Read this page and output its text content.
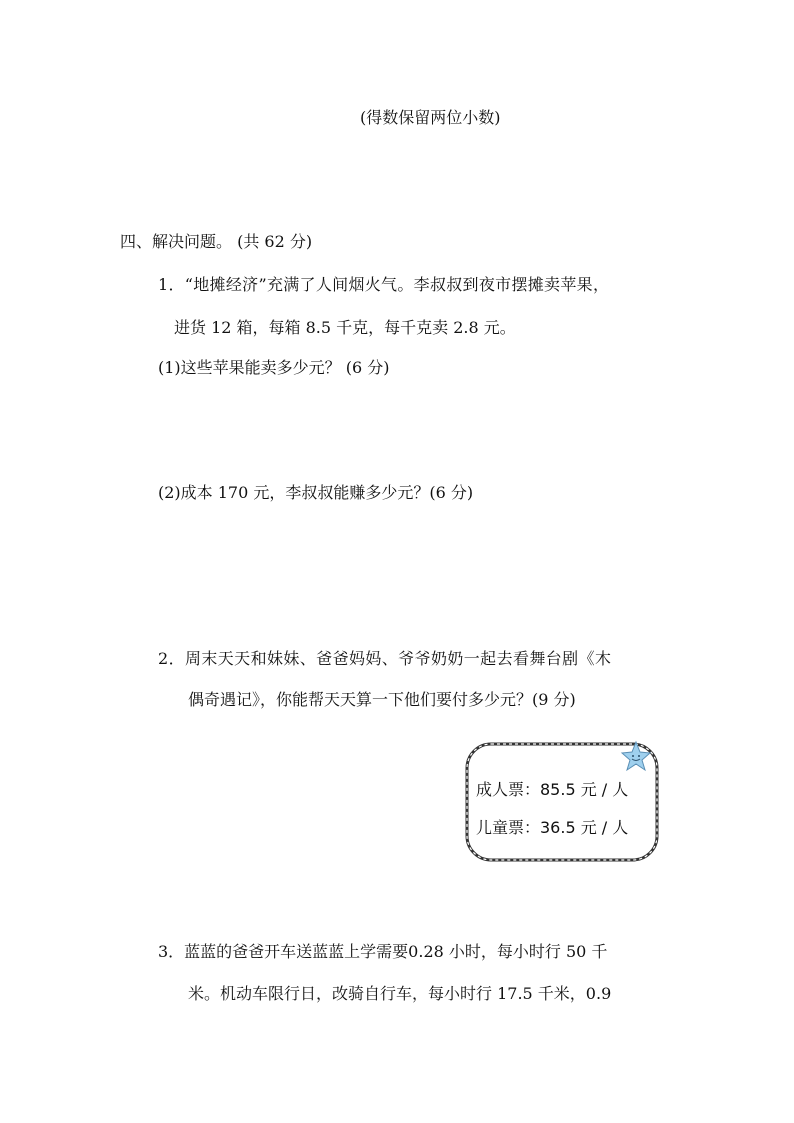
(得数保留两位小数)
四、解决问题。 (共 62 分)
1．“地摊经济”充满了人间烟火气。李叔叔到夜市摆摊卖苹果，
进货 12 箱，每箱 8.5 千克，每千克卖 2.8 元。
(1)这些苹果能卖多少元？ (6 分)
(2)成本 170 元，李叔叔能赚多少元？(6 分)
2．周末天天和妹妹、爸爸妈妈、爷爷奶奶一起去看舞台剧《木
偶奇遇记》，你能帮天天算一下他们要付多少元？(9 分)
成人票：85.5 元 / 人
儿童票：36.5 元 / 人
3．蓝蓝的爸爸开车送蓝蓝上学需要0.28 小时，每小时行 50 千
米。机动车限行日，改骑自行车，每小时行 17.5 千米，0.9
